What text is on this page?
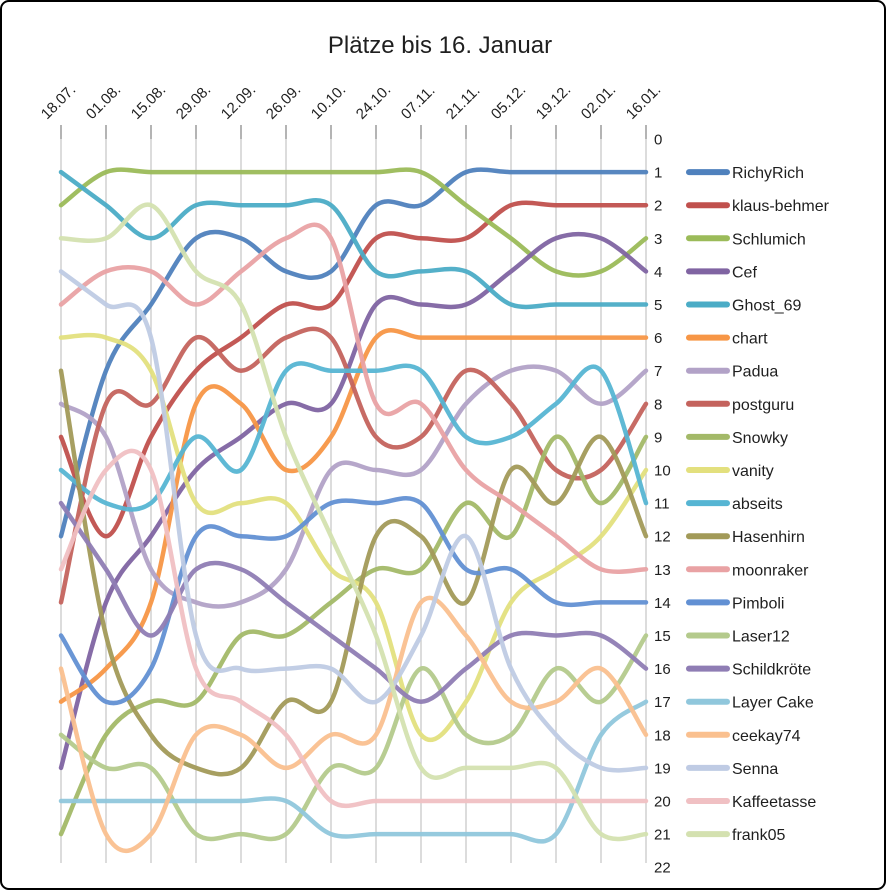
Plätze bis 16. Januar
18.07. 01.08. 15.08. 29.08. 12.09. 26.09. 10.10. 24.10. 07.11. 21.11. 05.12. 19.12. 02.01. 16.01.
0
1
2
3
4
5
6
7
8
9
10
11
12
13
14
15
16
17
18
19
20
21
22
RichyRich
klaus-behmer
Schlumich
Cef
Ghost_69
chart
Padua
postguru
Snowky
vanity
abseits
Hasenhirn
moonraker
Pimboli
Laser12
Schildkröte
Layer Cake
ceekay74
Senna
Kaffeetasse
frank05
